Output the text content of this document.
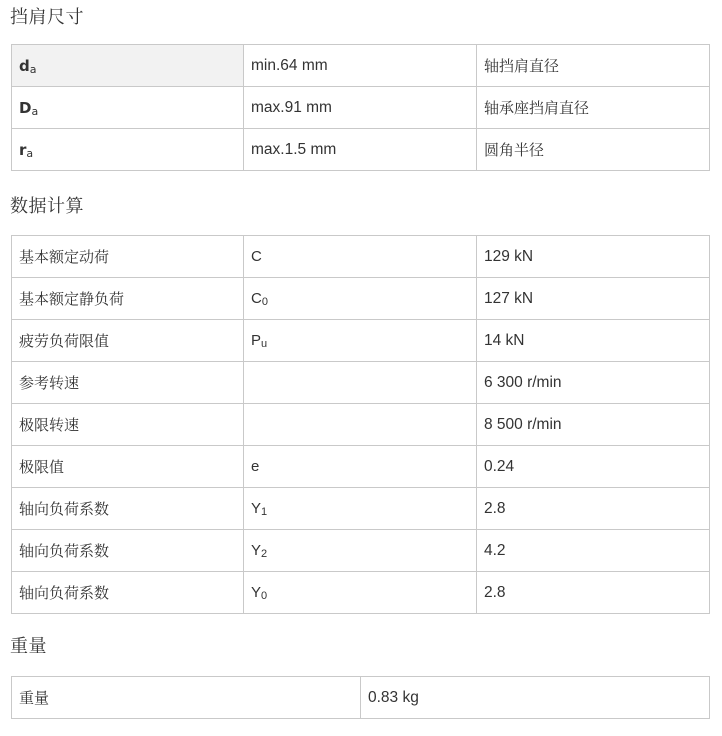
挡肩尺寸
da	min.64 mm	轴挡肩直径
Da	max.91 mm	轴承座挡肩直径
ra	max.1.5 mm	圆角半径
数据计算
基本额定动荷	C	129 kN
基本额定静负荷	C0	127 kN
疲劳负荷限值	Pu	14 kN
参考转速		6 300 r/min
极限转速		8 500 r/min
极限值	e	0.24
轴向负荷系数	Y1	2.8
轴向负荷系数	Y2	4.2
轴向负荷系数	Y0	2.8
重量
重量	0.83 kg
